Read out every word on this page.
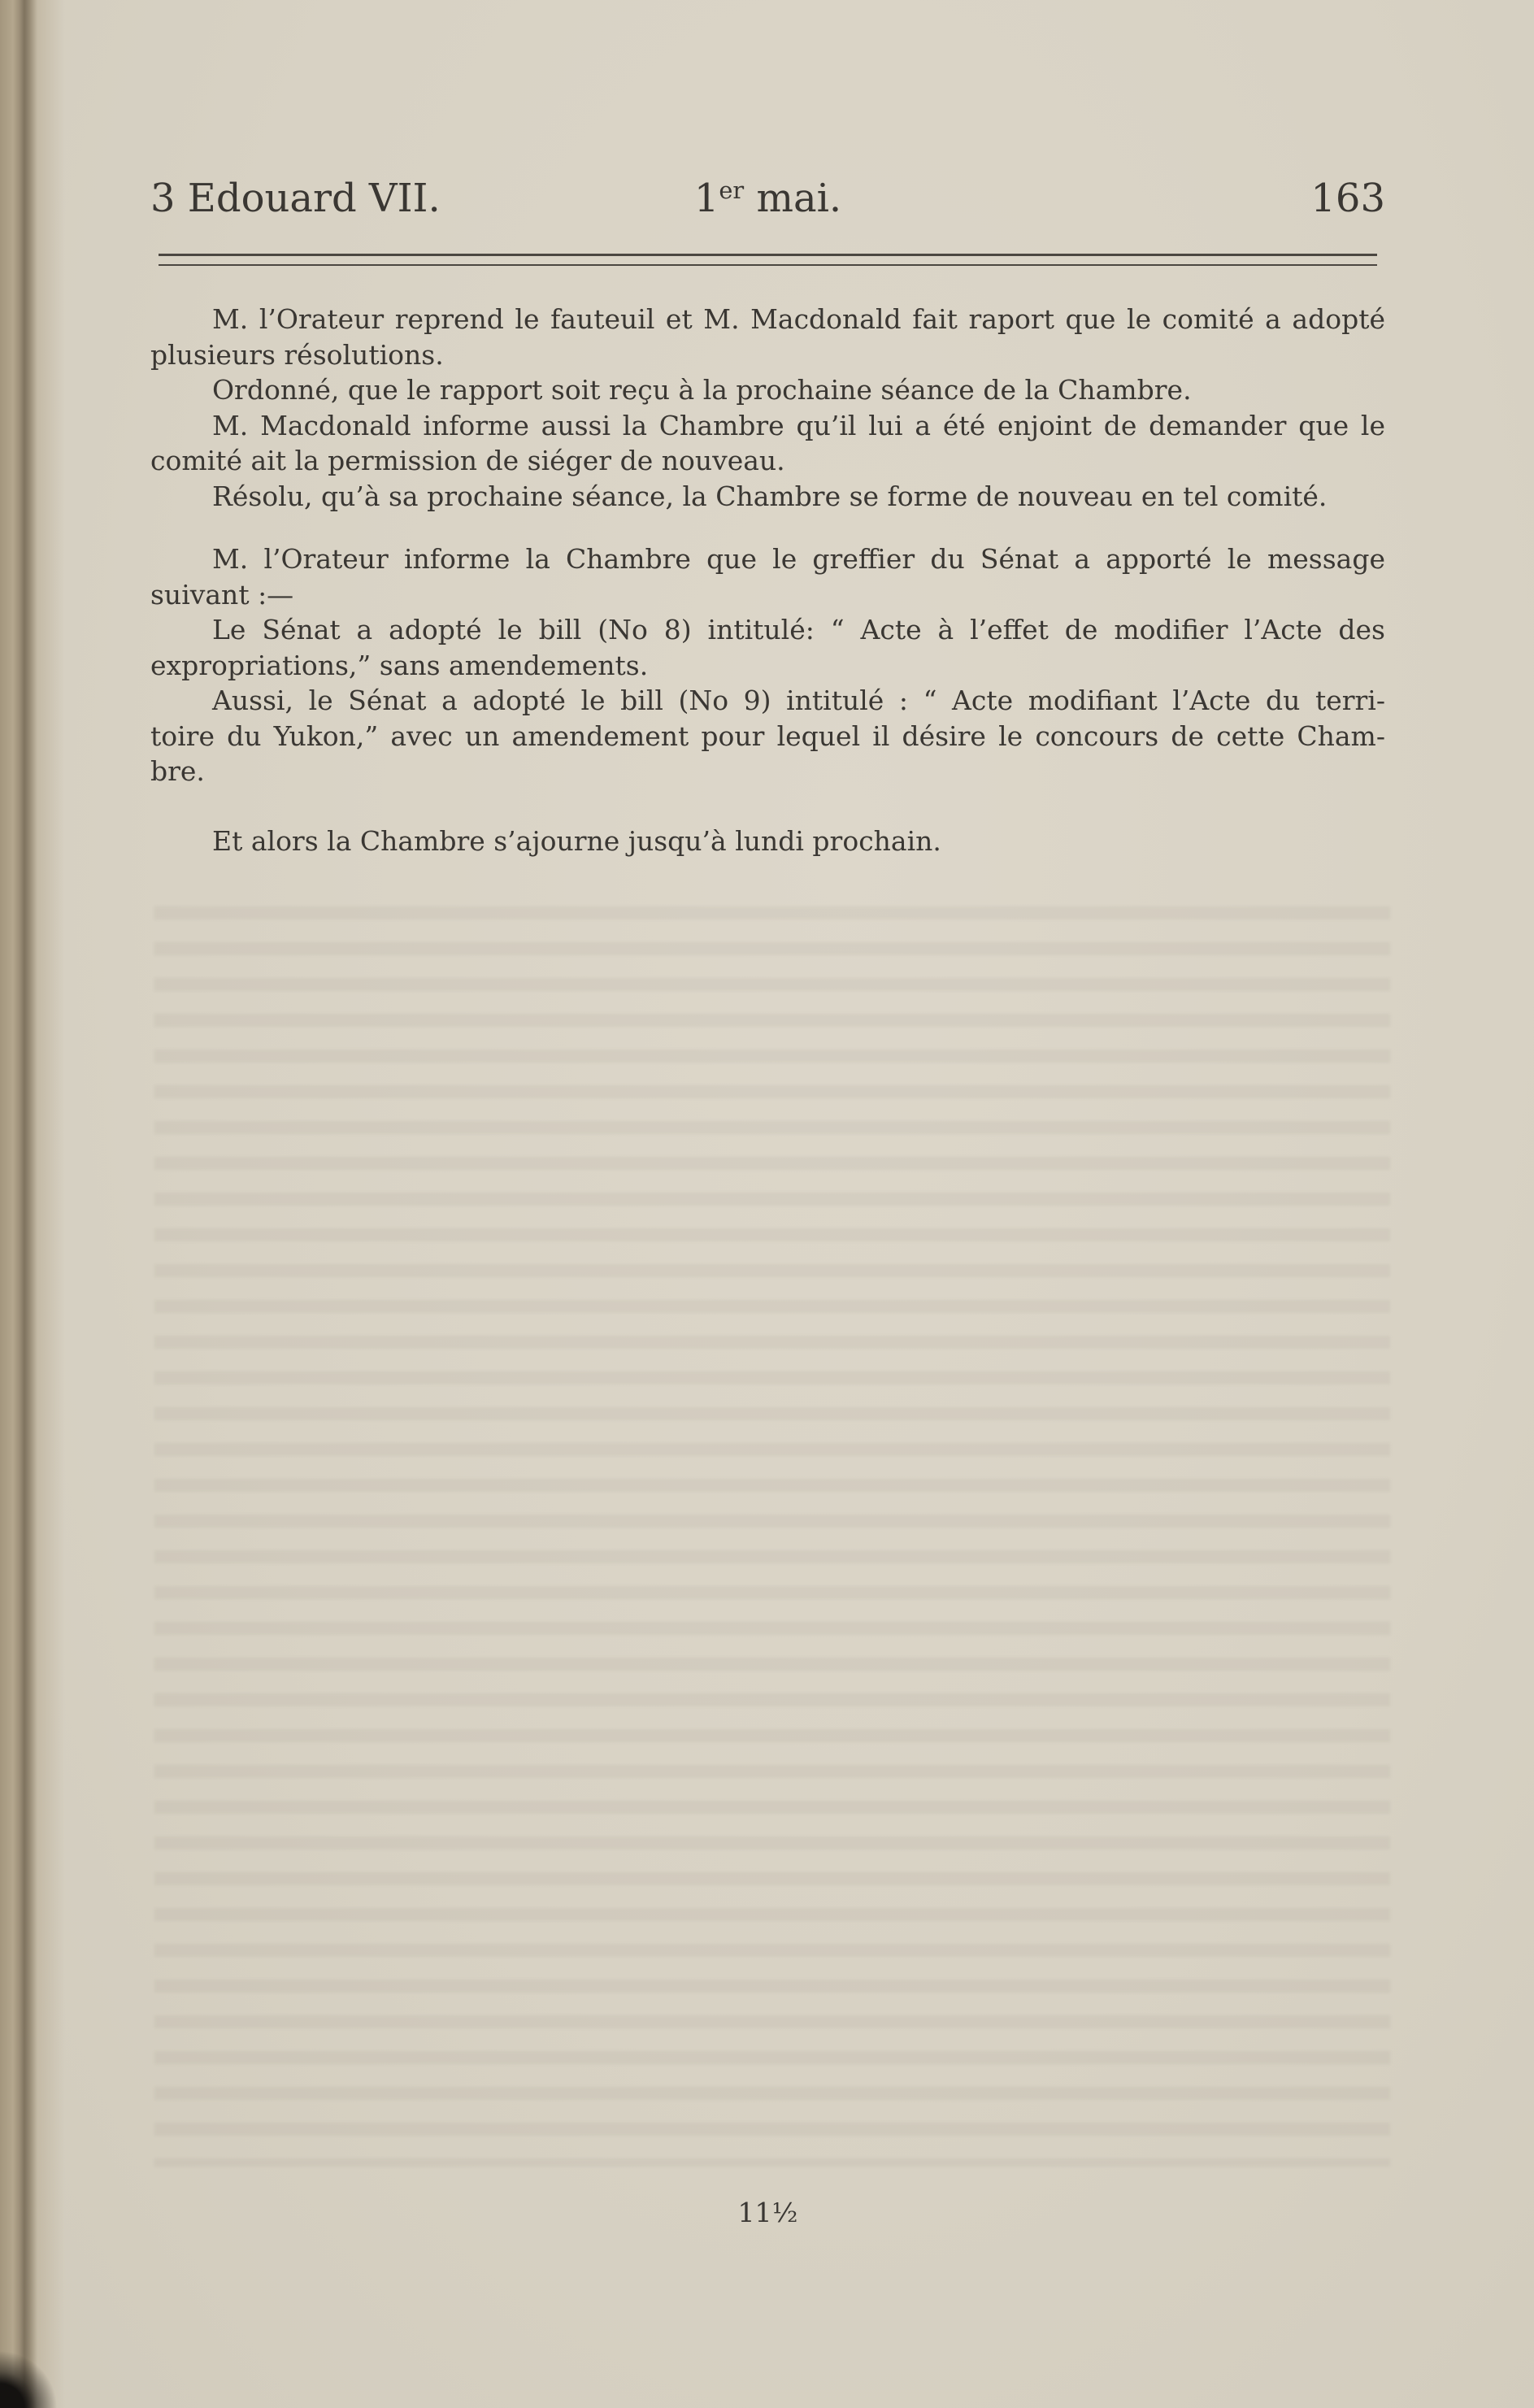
3 Edouard VII.	1er mai.	163
M. l’Orateur reprend le fauteuil et M. Macdonald fait raport que le comité a adopté
plusieurs résolutions.
Ordonné, que le rapport soit reçu à la prochaine séance de la Chambre.
M. Macdonald informe aussi la Chambre qu’il lui a été enjoint de demander que le
comité ait la permission de siéger de nouveau.
Résolu, qu’à sa prochaine séance, la Chambre se forme de nouveau en tel comité.
M. l’Orateur informe la Chambre que le greffier du Sénat a apporté le message
suivant :—
Le Sénat a adopté le bill (No 8) intitulé: “ Acte à l’effet de modifier l’Acte des
expropriations,” sans amendements.
Aussi, le Sénat a adopté le bill (No 9) intitulé : “ Acte modifiant l’Acte du terri-
toire du Yukon,” avec un amendement pour lequel il désire le concours de cette Cham-
bre.
Et alors la Chambre s’ajourne jusqu’à lundi prochain.
11½
